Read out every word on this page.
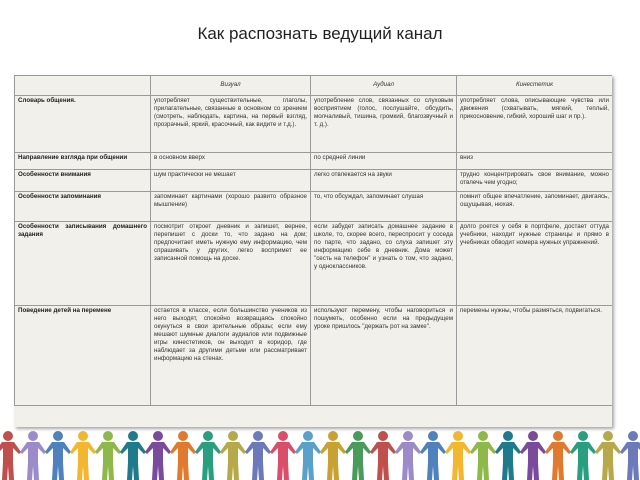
Как распознать ведущий канал
	Визуал	Аудиал	Кинестетик
Словарь общения.	употребляет существительные, глаголы, прилагательные, связанные в основном со зрением (смотреть, наблюдать, картина, на первый взгляд, прозрачный, яркий, красочный, как видите и т.д.).	употребление слов, связанных со слуховым восприятием (голос, послушайте, обсудить, молчаливый, тишина, громкий, благозвучный и т. д.).	употребляет слова, описывающие чувства или движения (схватывать, мягкий, теплый, прикосновение, гибкий, хороший шаг и пр.).
Направление взгляда при общении	в основном вверх	по средней линии	вниз
Особенности внимания	шум практически не мешает	легко отвлекается на звуки	трудно концентрировать свое внимание, можно отвлечь чем угодно;
Особенности запоминания	запоминает картинами (хорошо развито образное мышление)	то, что обсуждал, запоминает слушая	помнит общее впечатление, запоминает, двигаясь, ощущывая, нюхая.
Особенности записывания домашнего задания	посмотрит откроет дневник и запишет, вернее, перепишет с доски то, что задано на дом; предпочитает иметь нужную ему информацию, чем спрашивать у других, легко воспримет ее записанной помощь на доске.	если забудет записать домашнее задание в школе, то, скорее всего, переспросит у соседа по парте, что задано, со слуха запишет эту информацию себе в дневник. Дома может "сесть на телефон" и узнать о том, что задано, у одноклассников.	долго роется у себя в портфеле, достает оттуда учебники, находит нужные страницы и прямо в учебниках обводит номера нужных упражнений.
Поведение детей на перемене	остается в классе, если большинство учеников из него выходят, спокойно возвращаясь спокойно окунуться в свои зрительные образы; если ему мешают шумные диалоги аудиалов или подвижные игры кинестетиков, он выходит в коридор, где наблюдает за другими детьми или рассматривает информацию на стенах.	используют перемену, чтобы наговориться и пошуметь, особенно если на предыдущем уроке пришлось "держать рот на замке".	перемены нужны, чтобы размяться, подвигаться.
